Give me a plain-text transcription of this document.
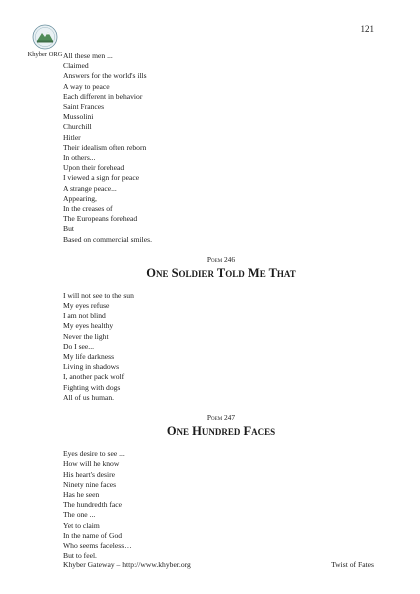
121
Khyber ORG All these men ...
Claimed
Answers for the world's ills
A way to peace
Each different in behavior
Saint Frances
Mussolini
Churchill
Hitler
Their idealism often reborn
In others...
Upon their forehead
I viewed a sign for peace
A strange peace...
Appearing,
In the creases of
The Europeans forehead
But
Based on commercial smiles.
Poem 246
One Soldier Told Me That
I will not see to the sun
My eyes refuse
I am not blind
My eyes healthy
Never the light
Do I see...
My life darkness
Living in shadows
I, another pack wolf
Fighting with dogs
All of us human.
Poem 247
One Hundred Faces
Eyes desire to see ...
How will he know
His heart's desire
Ninety nine faces
Has he seen
The hundredth face
The one ...
Yet to claim
In the name of God
Who seems faceless…
But to feel.
Khyber Gateway – http://www.khyber.org	Twist of Fates
